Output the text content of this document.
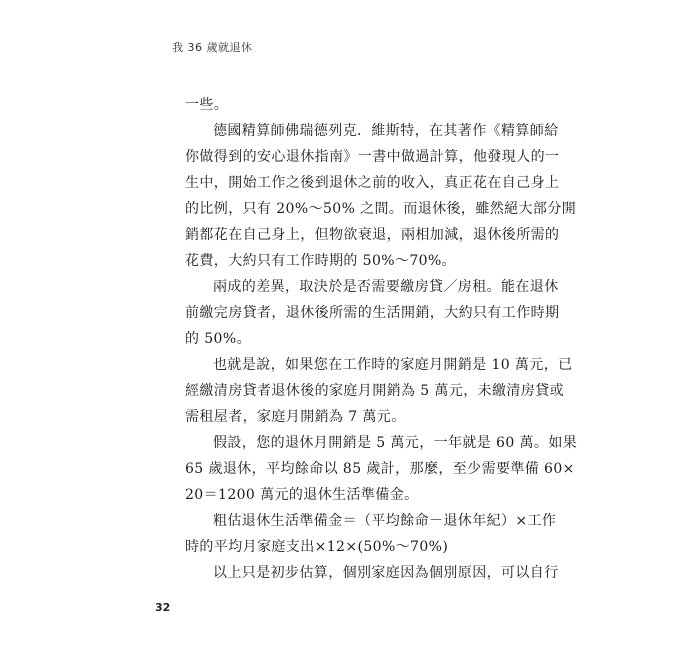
我 36 歲就退休
一些。
德國精算師佛瑞德列克．維斯特，在其著作《精算師給
你做得到的安心退休指南》一書中做過計算，他發現人的一
生中，開始工作之後到退休之前的收入，真正花在自己身上
的比例，只有 20%～50% 之間。而退休後，雖然絕大部分開
銷都花在自己身上，但物欲衰退，兩相加減，退休後所需的
花費，大約只有工作時期的 50%～70%。
兩成的差異，取決於是否需要繳房貸／房租。能在退休
前繳完房貸者，退休後所需的生活開銷，大約只有工作時期
的 50%。
也就是說，如果您在工作時的家庭月開銷是 10 萬元，已
經繳清房貸者退休後的家庭月開銷為 5 萬元，未繳清房貸或
需租屋者，家庭月開銷為 7 萬元。
假設，您的退休月開銷是 5 萬元，一年就是 60 萬。如果
65 歲退休，平均餘命以 85 歲計，那麼，至少需要準備 60×
20＝1200 萬元的退休生活準備金。
粗估退休生活準備金＝（平均餘命－退休年紀）×工作
時的平均月家庭支出×12×(50%～70%)
以上只是初步估算，個別家庭因為個別原因，可以自行
32
